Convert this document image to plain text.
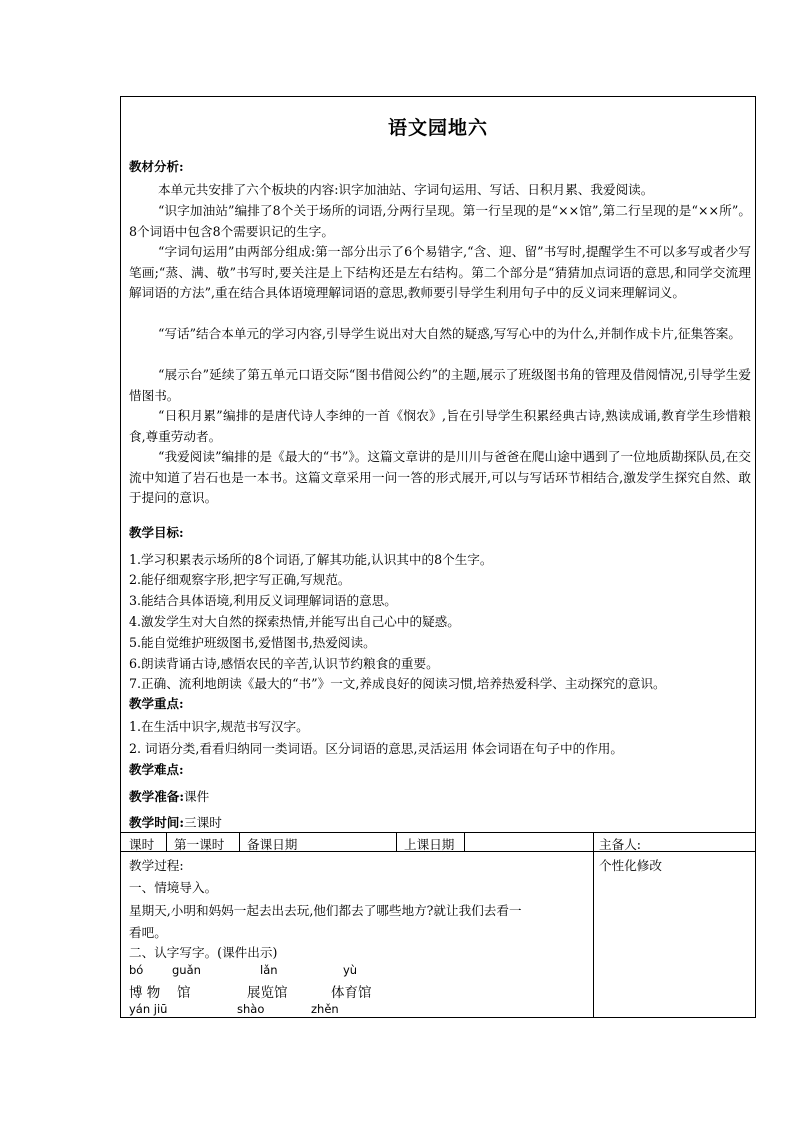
语文园地六
教材分析:

本单元共安排了六个板块的内容:识字加油站、字词句运用、写话、日积月累、我爱阅读。

“识字加油站”编排了8个关于场所的词语,分两行呈现。第一行呈现的是“××馆”,第二行呈现的是“××所”。8个词语中包含8个需要识记的生字。

“字词句运用”由两部分组成:第一部分出示了6个易错字,“含、迎、留”书写时,提醒学生不可以多写或者少写笔画;“蒸、满、敬”书写时,要关注是上下结构还是左右结构。第二个部分是“猜猜加点词语的意思,和同学交流理解词语的方法”,重在结合具体语境理解词语的意思,教师要引导学生利用句子中的反义词来理解词义。

“写话”结合本单元的学习内容,引导学生说出对大自然的疑惑,写写心中的为什么,并制作成卡片,征集答案。

“展示台”延续了第五单元口语交际“图书借阅公约”的主题,展示了班级图书角的管理及借阅情况,引导学生爱惜图书。

“日积月累”编排的是唐代诗人李绅的一首《悯农》,旨在引导学生积累经典古诗,熟读成诵,教育学生珍惜粮食,尊重劳动者。

“我爱阅读”编排的是《最大的“书”》。这篇文章讲的是川川与爸爸在爬山途中遇到了一位地质勘探队员,在交流中知道了岩石也是一本书。这篇文章采用一问一答的形式展开,可以与写话环节相结合,激发学生探究自然、敢于提问的意识。

教学目标:
1.学习积累表示场所的8个词语,了解其功能,认识其中的8个生字。
2.能仔细观察字形,把字写正确,写规范。
3.能结合具体语境,利用反义词理解词语的意思。
4.激发学生对大自然的探索热情,并能写出自己心中的疑惑。
5.能自觉维护班级图书,爱惜图书,热爱阅读。
6.朗读背诵古诗,感悟农民的辛苦,认识节约粮食的重要。
7.正确、流利地朗读《最大的“书”》一文,养成良好的阅读习惯,培养热爱科学、主动探究的意识。
教学重点:
1.在生活中识字,规范书写汉字。
2. 词语分类,看看归纳同一类词语。区分词语的意思,灵活运用 体会词语在句子中的作用。
教学难点:
教学准备:课件
教学时间:三课时
课时 第一课时 备课日期	上课日期	主备人:
教学过程:
一、情境导入。
星期天,小明和妈妈一起去出去玩,他们都去了哪些地方?就让我们去看一
看吧。
二、认字写字。(课件出示)
bó guǎn	lǎn	yù
博 物 馆	展览馆	体育馆
yán jiū	shào	zhěn
个性化修改
